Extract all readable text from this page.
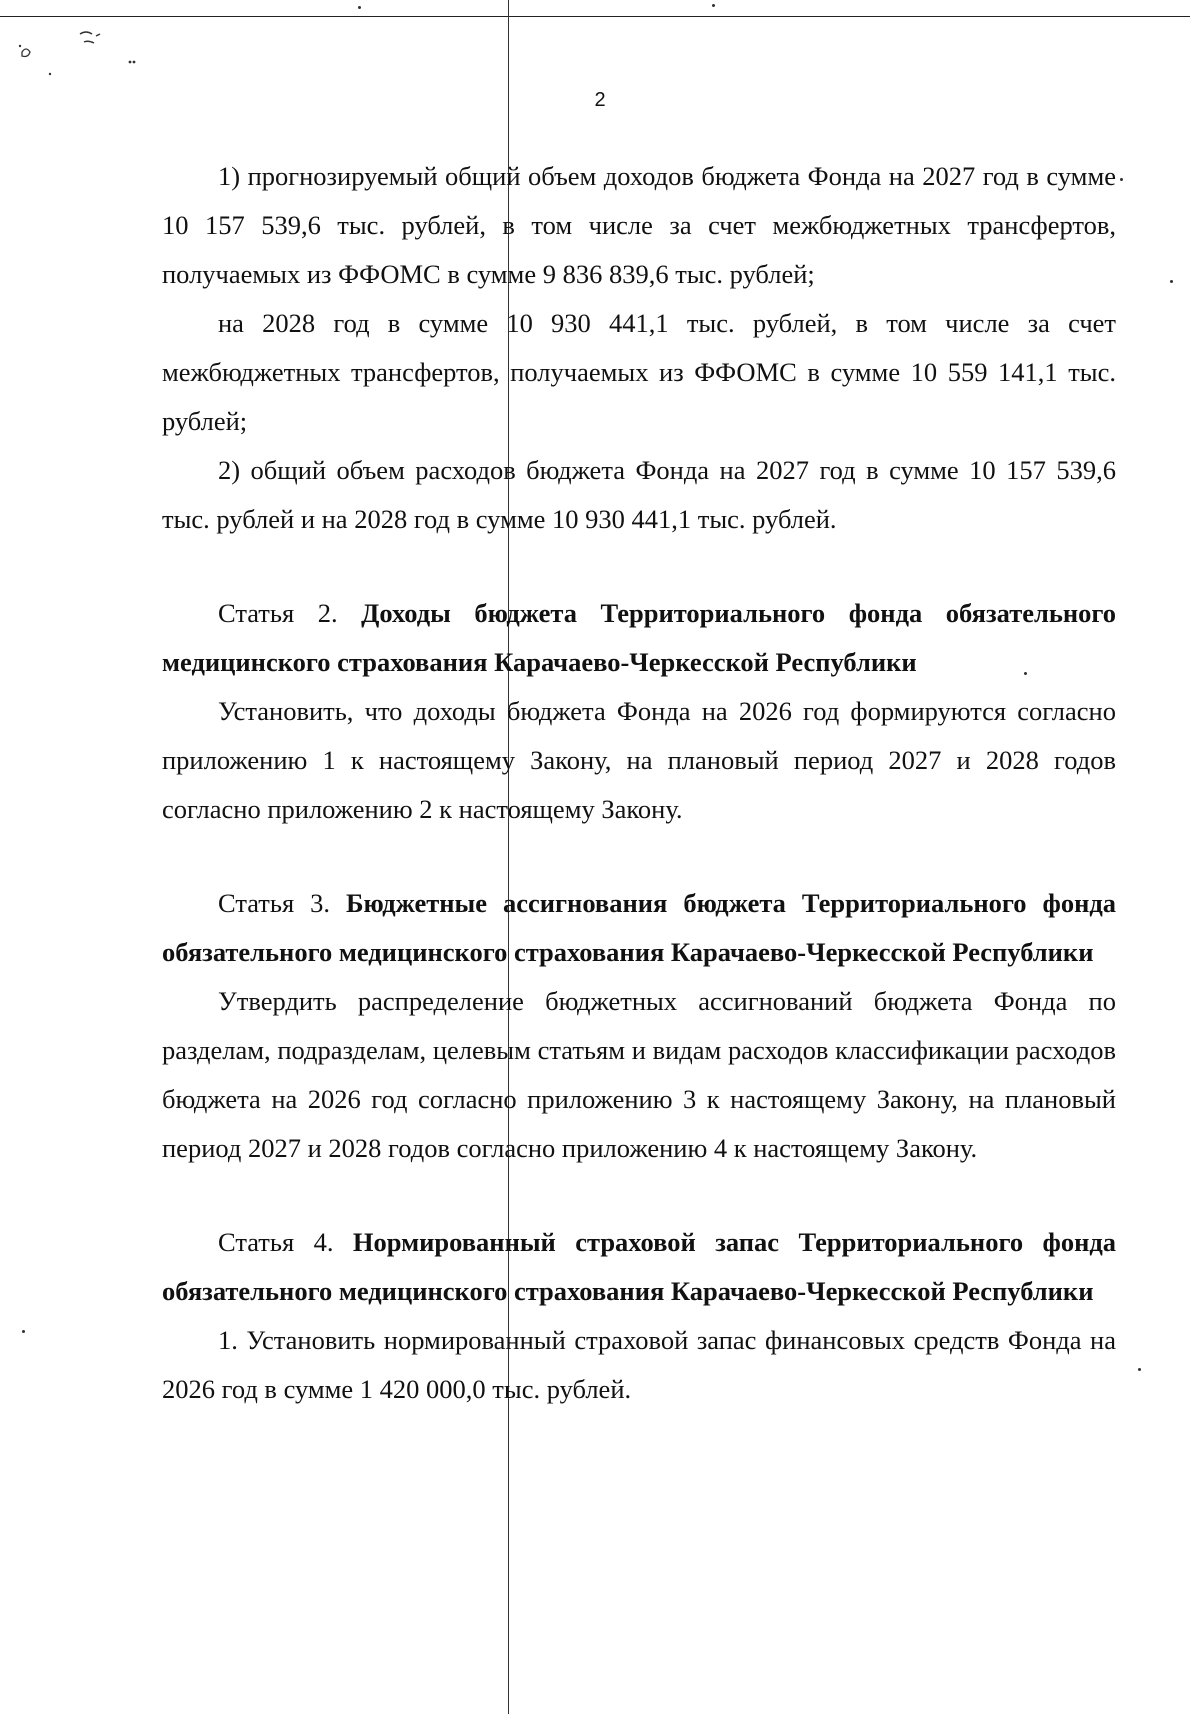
2

1) прогнозируемый общий объем доходов бюджета Фонда на 2027 год в сумме 10 157 539,6 тыс. рублей, в том числе за счет межбюджетных трансфертов, получаемых из ФФОМС в сумме 9 836 839,6 тыс. рублей;

на 2028 год в сумме 10 930 441,1 тыс. рублей, в том числе за счет межбюджетных трансфертов, получаемых из ФФОМС в сумме 10 559 141,1 тыс. рублей;

2) общий объем расходов бюджета Фонда на 2027 год в сумме 10 157 539,6 тыс. рублей и на 2028 год в сумме 10 930 441,1 тыс. рублей.

Статья 2. Доходы бюджета Территориального фонда обязательного медицинского страхования Карачаево-Черкесской Республики

Установить, что доходы бюджета Фонда на 2026 год формируются согласно приложению 1 к настоящему Закону, на плановый период 2027 и 2028 годов согласно приложению 2 к настоящему Закону.

Статья 3. Бюджетные ассигнования бюджета Территориального фонда обязательного медицинского страхования Карачаево-Черкесской Республики

Утвердить распределение бюджетных ассигнований бюджета Фонда по разделам, подразделам, целевым статьям и видам расходов классификации расходов бюджета на 2026 год согласно приложению 3 к настоящему Закону, на плановый период 2027 и 2028 годов согласно приложению 4 к настоящему Закону.

Статья 4. Нормированный страховой запас Территориального фонда обязательного медицинского страхования Карачаево-Черкесской Республики

1. Установить нормированный страховой запас финансовых средств Фонда на 2026 год в сумме 1 420 000,0 тыс. рублей.
